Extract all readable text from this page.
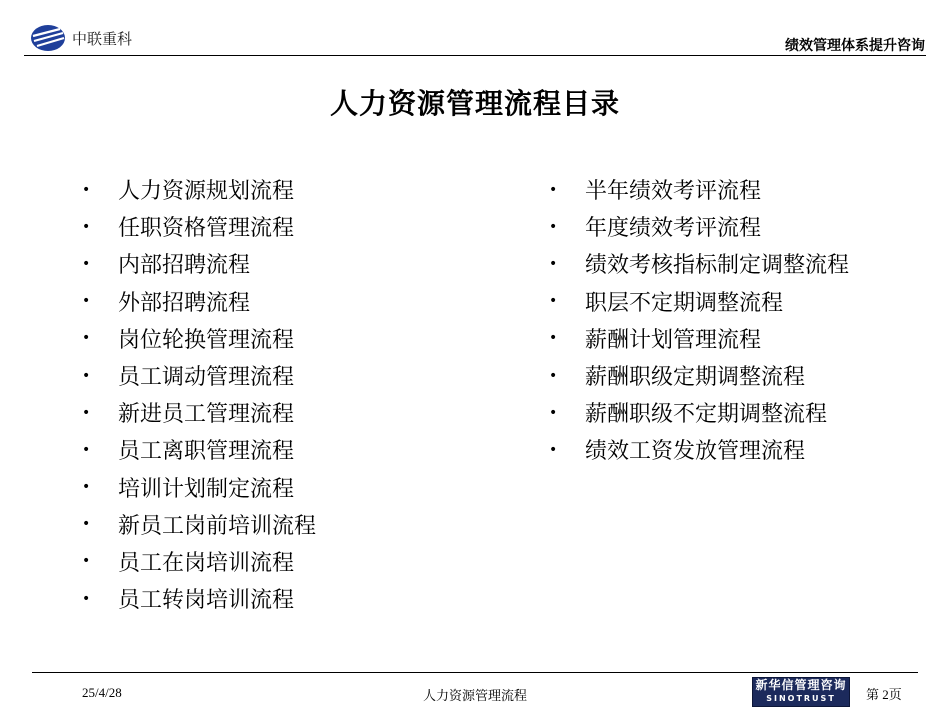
中联重科	绩效管理体系提升咨询
人力资源管理流程目录
•	人力资源规划流程
•	任职资格管理流程
•	内部招聘流程
•	外部招聘流程
•	岗位轮换管理流程
•	员工调动管理流程
•	新进员工管理流程
•	员工离职管理流程
•	培训计划制定流程
•	新员工岗前培训流程
•	员工在岗培训流程
•	员工转岗培训流程
•	半年绩效考评流程
•	年度绩效考评流程
•	绩效考核指标制定调整流程
•	职层不定期调整流程
•	薪酬计划管理流程
•	薪酬职级定期调整流程
•	薪酬职级不定期调整流程
•	绩效工资发放管理流程
25/4/28	人力资源管理流程
新华信管理咨询
SINOTRUST	第 2页
